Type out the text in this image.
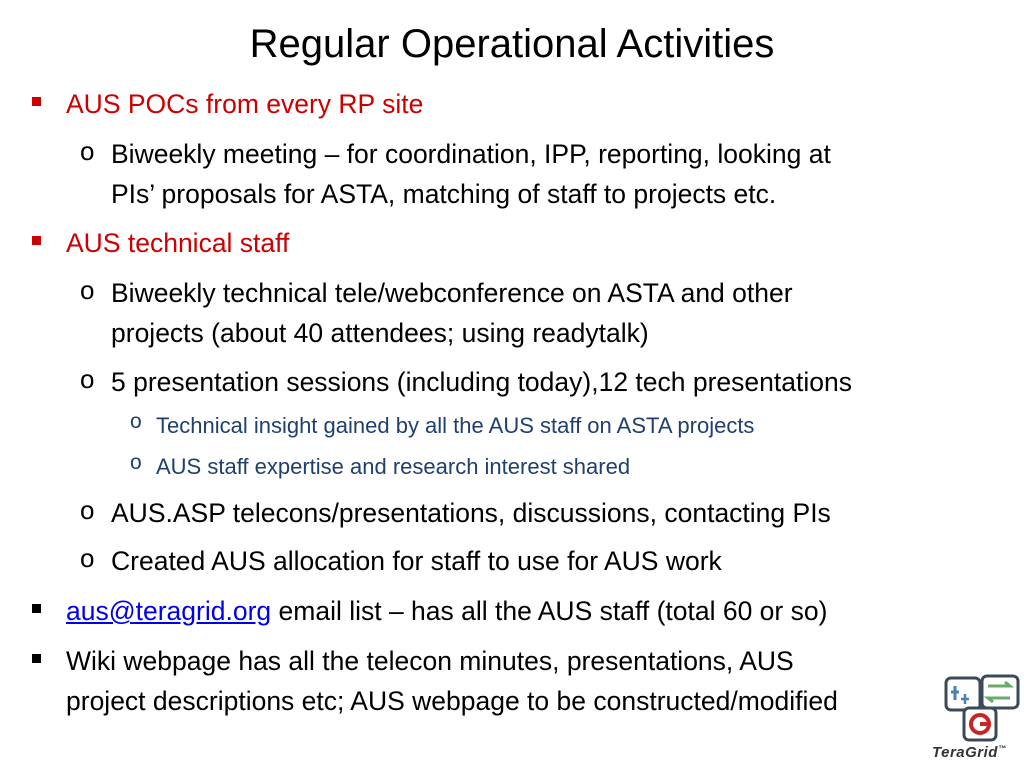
Regular Operational Activities
AUS POCs from every RP site
o Biweekly meeting – for coordination, IPP, reporting, looking at
PIs’ proposals for ASTA, matching of staff to projects etc.
AUS technical staff
o Biweekly technical tele/webconference on ASTA and other
projects (about 40 attendees; using readytalk)
o 5 presentation sessions (including today),12 tech presentations
o Technical insight gained by all the AUS staff on ASTA projects
o AUS staff expertise and research interest shared
o AUS.ASP telecons/presentations, discussions, contacting PIs
o Created AUS allocation for staff to use for AUS work
aus@teragrid.org email list – has all the AUS staff (total 60 or so)
Wiki webpage has all the telecon minutes, presentations, AUS
project descriptions etc; AUS webpage to be constructed/modified
TeraGrid™
